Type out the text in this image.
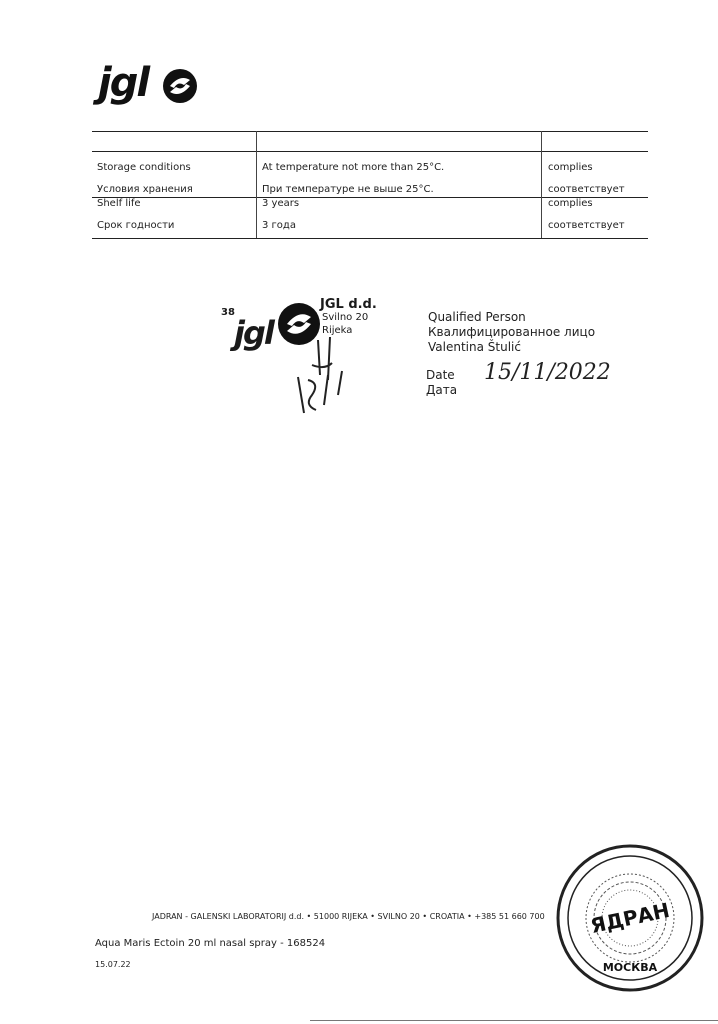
jgl
Storage conditions
Условия хранения
At temperature not more than 25°C.
При температуре не выше 25°С.
complies
соответствует
Shelf life
Срок годности
3 years
3 года
complies
соответствует
38
jgl
JGL d.d.
Svilno 20
Rijeka
Qualified Person
Квалифицированное лицо
Valentina Štulić
Date
Дата
15/11/2022
JADRAN - GALENSKI LABORATORIJ d.d. • 51000 RIJEKA • SVILNO 20 • CROATIA • +385 51 660 700
Aqua Maris Ectoin 20 ml nasal spray - 168524
15.07.22
ЯДРАН
МОСКВА
